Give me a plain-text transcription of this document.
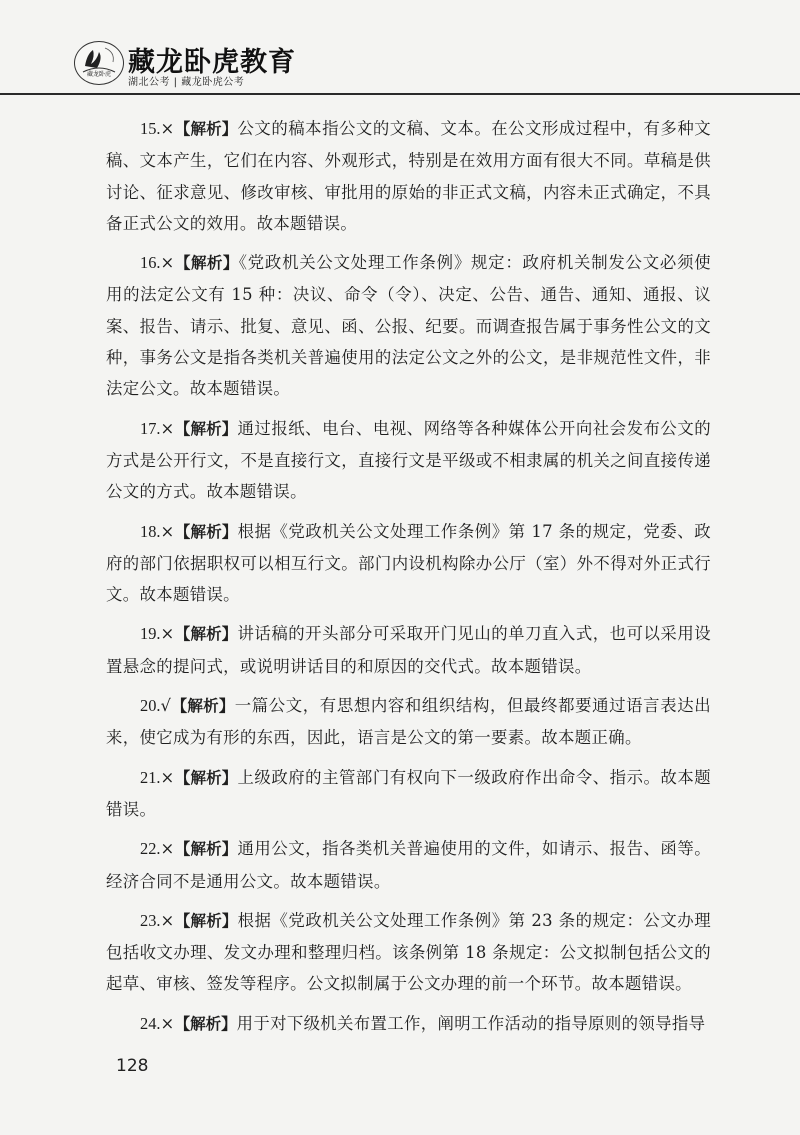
藏龙卧虎 藏龙卧虎教育
湖北公考 | 藏龙卧虎公考

15.×【解析】公文的稿本指公文的文稿、文本。在公文形成过程中，有多种文稿、文本产生，它们在内容、外观形式，特别是在效用方面有很大不同。草稿是供讨论、征求意见、修改审核、审批用的原始的非正式文稿，内容未正式确定，不具备正式公文的效用。故本题错误。

16.×【解析】《党政机关公文处理工作条例》规定：政府机关制发公文必须使用的法定公文有 15 种：决议、命令（令）、决定、公告、通告、通知、通报、议案、报告、请示、批复、意见、函、公报、纪要。而调查报告属于事务性公文的文种，事务公文是指各类机关普遍使用的法定公文之外的公文，是非规范性文件，非法定公文。故本题错误。

17.×【解析】通过报纸、电台、电视、网络等各种媒体公开向社会发布公文的方式是公开行文，不是直接行文，直接行文是平级或不相隶属的机关之间直接传递公文的方式。故本题错误。

18.×【解析】根据《党政机关公文处理工作条例》第 17 条的规定，党委、政府的部门依据职权可以相互行文。部门内设机构除办公厅（室）外不得对外正式行文。故本题错误。

19.×【解析】讲话稿的开头部分可采取开门见山的单刀直入式，也可以采用设置悬念的提问式，或说明讲话目的和原因的交代式。故本题错误。

20.√【解析】一篇公文，有思想内容和组织结构，但最终都要通过语言表达出来，使它成为有形的东西，因此，语言是公文的第一要素。故本题正确。

21.×【解析】上级政府的主管部门有权向下一级政府作出命令、指示。故本题错误。

22.×【解析】通用公文，指各类机关普遍使用的文件，如请示、报告、函等。经济合同不是通用公文。故本题错误。

23.×【解析】根据《党政机关公文处理工作条例》第 23 条的规定：公文办理包括收文办理、发文办理和整理归档。该条例第 18 条规定：公文拟制包括公文的起草、审核、签发等程序。公文拟制属于公文办理的前一个环节。故本题错误。

24.×【解析】用于对下级机关布置工作，阐明工作活动的指导原则的领导指导

128
